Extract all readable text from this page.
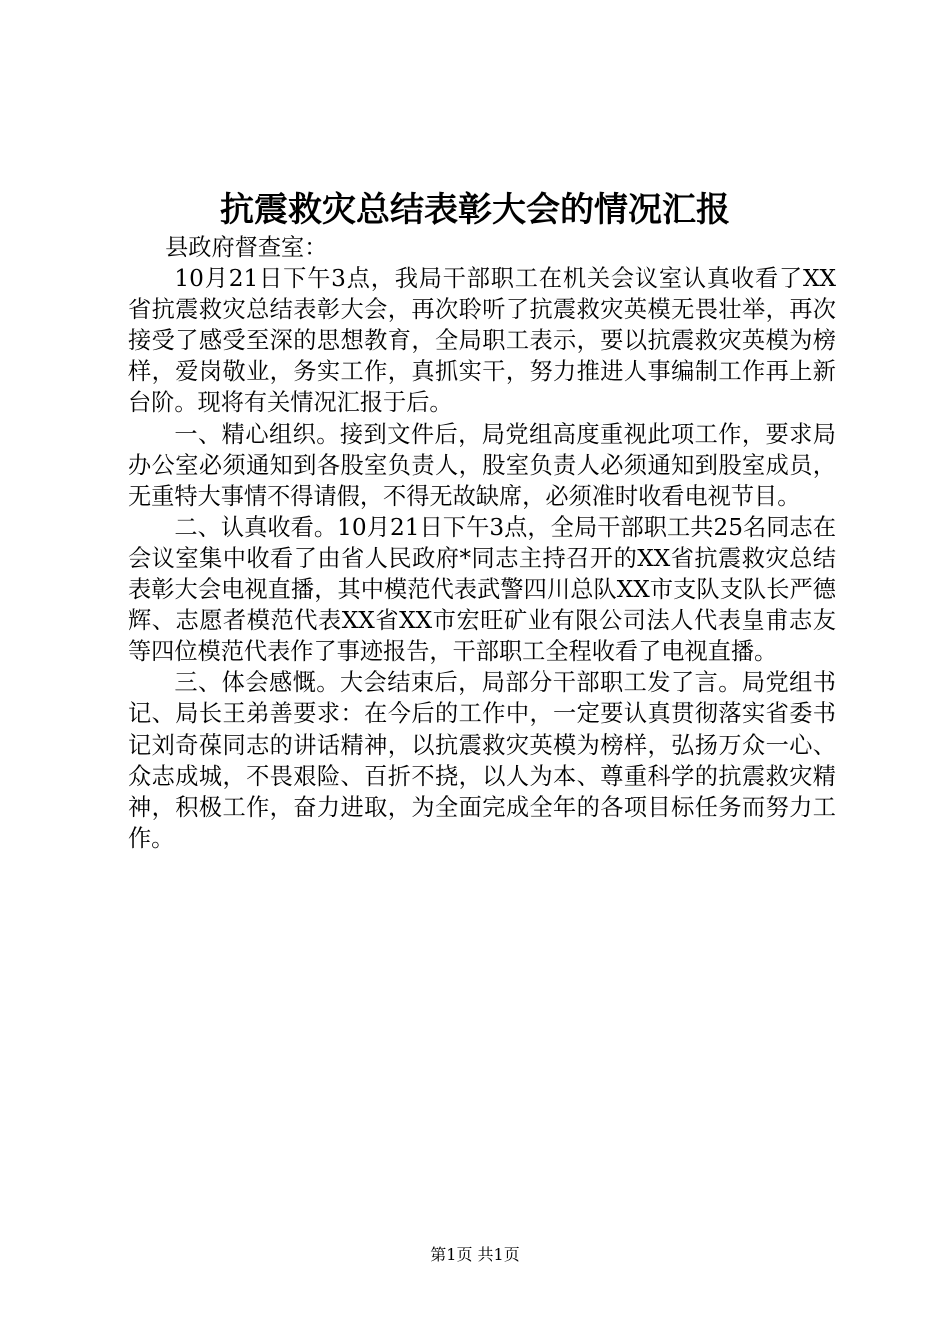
抗震救灾总结表彰大会的情况汇报

县政府督查室：

10月21日下午3点，我局干部职工在机关会议室认真收看了XX省抗震救灾总结表彰大会，再次聆听了抗震救灾英模无畏壮举，再次接受了感受至深的思想教育，全局职工表示，要以抗震救灾英模为榜样，爱岗敬业，务实工作，真抓实干，努力推进人事编制工作再上新台阶。现将有关情况汇报于后。

一、精心组织。接到文件后，局党组高度重视此项工作，要求局办公室必须通知到各股室负责人，股室负责人必须通知到股室成员，无重特大事情不得请假，不得无故缺席，必须准时收看电视节目。

二、认真收看。10月21日下午3点，全局干部职工共25名同志在会议室集中收看了由省人民政府*同志主持召开的XX省抗震救灾总结表彰大会电视直播，其中模范代表武警四川总队XX市支队支队长严德辉、志愿者模范代表XX省XX市宏旺矿业有限公司法人代表皇甫志友等四位模范代表作了事迹报告，干部职工全程收看了电视直播。

三、体会感慨。大会结束后，局部分干部职工发了言。局党组书记、局长王弟善要求：在今后的工作中，一定要认真贯彻落实省委书记刘奇葆同志的讲话精神，以抗震救灾英模为榜样，弘扬万众一心、众志成城，不畏艰险、百折不挠，以人为本、尊重科学的抗震救灾精神，积极工作，奋力进取，为全面完成全年的各项目标任务而努力工作。

第1页 共1页
